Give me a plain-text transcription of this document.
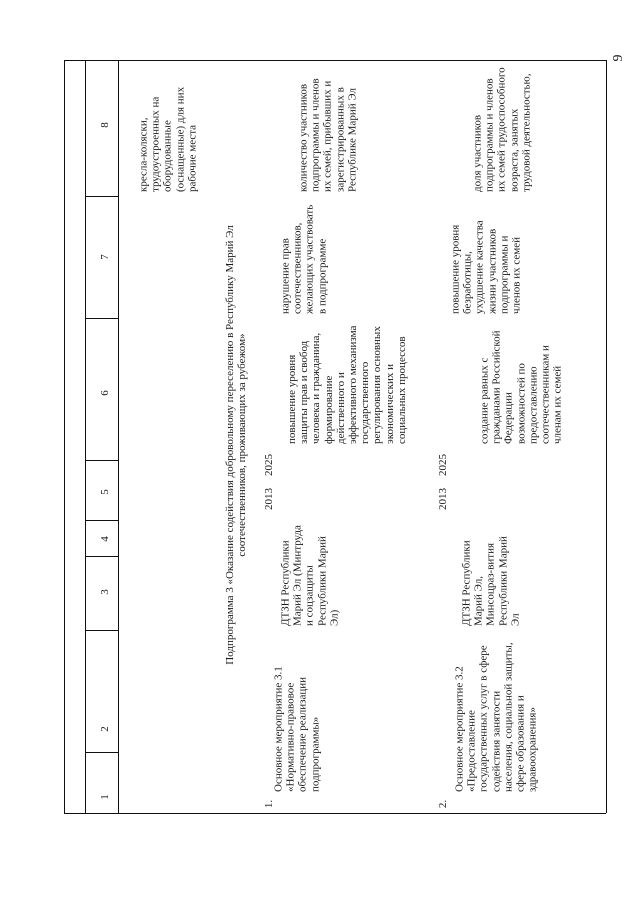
9
1
2
3
4
5
6
7
8 кресла-коляски, трудоустроенных на оборудованные (оснащенные) для них рабочие места
Подпрограмма 3 «Оказание содействия добровольному переселению в Республику Марий Эл соотечественников, проживающих за рубежом»
1.
Основное мероприятие 3.1 «Нормативно-правовое обеспечение реализации подпрограммы»
ДТЗН Республики Марий Эл (Минтруда и соцзащиты Республики Марий Эл)
2013
2025
повышение уровня защиты прав и свобод человека и гражданина, формирование действенного и эффективного механизма государственного регулирования основных экономических и социальных процессов
нарушение прав соотечественников, желающих участвовать в подпрограмме
количество участников подпрограммы и членов их семей, прибывших и зарегистрированных в Республике Марий Эл
2.
Основное мероприятие 3.2 «Предоставление государственных услуг в сфере содействия занятости населения, социальной защиты, сфере образования и здравоохранения»
ДТЗН Республики Марий Эл, Минсоцраз-вития Республики Марий Эл
2013
2025
создание равных с гражданами Российской Федерации возможностей по предоставлению соотечественникам и членам их семей
повышение уровня безработицы, ухудшение качества жизни участников подпрограммы и членов их семей
доля участников подпрограммы и членов их семей трудоспособного возраста, занятых трудовой деятельностью,
